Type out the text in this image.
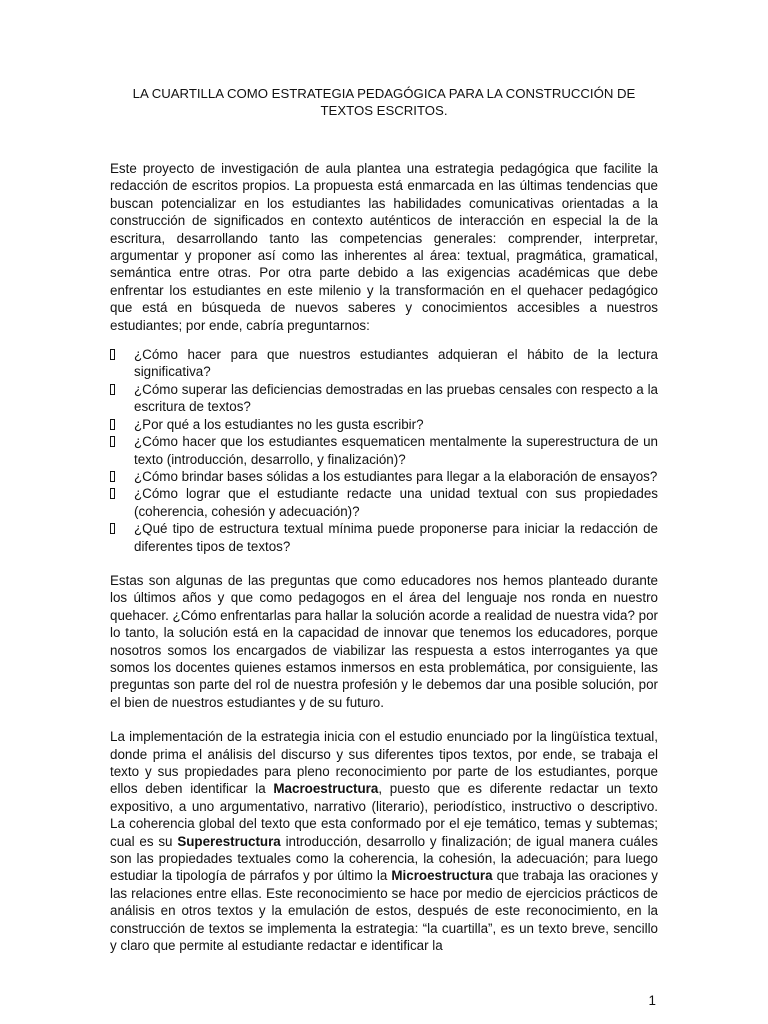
LA CUARTILLA COMO ESTRATEGIA PEDAGÓGICA PARA LA CONSTRUCCIÓN DE TEXTOS ESCRITOS.

Este proyecto de investigación de aula plantea una estrategia pedagógica que facilite la redacción de escritos propios. La propuesta está enmarcada en las últimas tendencias que buscan potencializar en los estudiantes las habilidades comunicativas orientadas a la construcción de significados en contexto auténticos de interacción en especial la de la escritura, desarrollando tanto las competencias generales: comprender, interpretar, argumentar y proponer así como las inherentes al área: textual, pragmática, gramatical, semántica entre otras. Por otra parte debido a las exigencias académicas que debe enfrentar los estudiantes en este milenio y la transformación en el quehacer pedagógico que está en búsqueda de nuevos saberes y conocimientos accesibles a nuestros estudiantes; por ende, cabría preguntarnos:

¿Cómo hacer para que nuestros estudiantes adquieran el hábito de la lectura significativa?
¿Cómo superar las deficiencias demostradas en las pruebas censales con respecto a la escritura de textos?
¿Por qué a los estudiantes no les gusta escribir?
¿Cómo hacer que los estudiantes esquematicen mentalmente la superestructura de un texto (introducción, desarrollo, y finalización)?
¿Cómo brindar bases sólidas a los estudiantes para llegar a la elaboración de ensayos?
¿Cómo lograr que el estudiante redacte una unidad textual con sus propiedades (coherencia, cohesión y adecuación)?
¿Qué tipo de estructura textual mínima puede proponerse para iniciar la redacción de diferentes tipos de textos?

Estas son algunas de las preguntas que como educadores nos hemos planteado durante los últimos años y que como pedagogos en el área del lenguaje nos ronda en nuestro quehacer. ¿Cómo enfrentarlas para hallar la solución acorde a realidad de nuestra vida? por lo tanto, la solución está en la capacidad de innovar que tenemos los educadores, porque nosotros somos los encargados de viabilizar las respuesta a estos interrogantes ya que somos los docentes quienes estamos inmersos en esta problemática, por consiguiente, las preguntas son parte del rol de nuestra profesión y le debemos dar una posible solución, por el bien de nuestros estudiantes y de su futuro.

La implementación de la estrategia inicia con el estudio enunciado por la lingüística textual, donde prima el análisis del discurso y sus diferentes tipos textos, por ende, se trabaja el texto y sus propiedades para pleno reconocimiento por parte de los estudiantes, porque ellos deben identificar la Macroestructura, puesto que es diferente redactar un texto expositivo, a uno argumentativo, narrativo (literario), periodístico, instructivo o descriptivo. La coherencia global del texto que esta conformado por el eje temático, temas y subtemas; cual es su Superestructura introducción, desarrollo y finalización; de igual manera cuáles son las propiedades textuales como la coherencia, la cohesión, la adecuación; para luego estudiar la tipología de párrafos y por último la Microestructura que trabaja las oraciones y las relaciones entre ellas. Este reconocimiento se hace por medio de ejercicios prácticos de análisis en otros textos y la emulación de estos, después de este reconocimiento, en la construcción de textos se implementa la estrategia: “la cuartilla”, es un texto breve, sencillo y claro que permite al estudiante redactar e identificar la

1
